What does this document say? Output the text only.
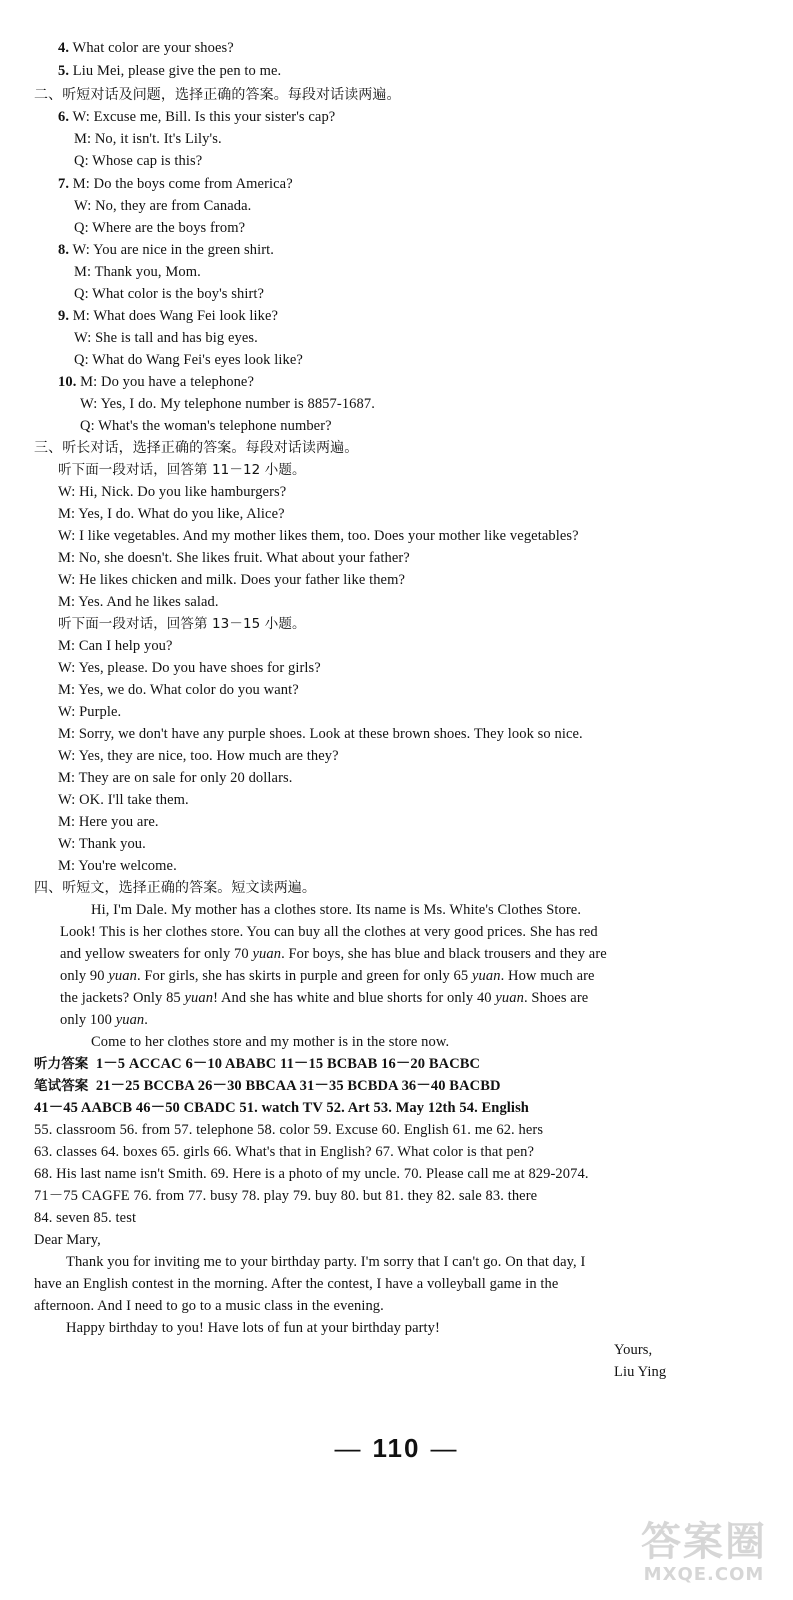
4. What color are your shoes?
5. Liu Mei, please give the pen to me.
二、听短对话及问题，选择正确的答案。每段对话读两遍。
6. W: Excuse me, Bill. Is this your sister's cap?
M: No, it isn't. It's Lily's.
Q: Whose cap is this?
7. M: Do the boys come from America?
W: No, they are from Canada.
Q: Where are the boys from?
8. W: You are nice in the green shirt.
M: Thank you, Mom.
Q: What color is the boy's shirt?
9. M: What does Wang Fei look like?
W: She is tall and has big eyes.
Q: What do Wang Fei's eyes look like?
10. M: Do you have a telephone?
W: Yes, I do. My telephone number is 8857-1687.
Q: What's the woman's telephone number?
三、听长对话，选择正确的答案。每段对话读两遍。
听下面一段对话，回答第 11－12 小题。
W: Hi, Nick. Do you like hamburgers?
M: Yes, I do. What do you like, Alice?
W: I like vegetables. And my mother likes them, too. Does your mother like vegetables?
M: No, she doesn't. She likes fruit. What about your father?
W: He likes chicken and milk. Does your father like them?
M: Yes. And he likes salad.
听下面一段对话，回答第 13－15 小题。
M: Can I help you?
W: Yes, please. Do you have shoes for girls?
M: Yes, we do. What color do you want?
W: Purple.
M: Sorry, we don't have any purple shoes. Look at these brown shoes. They look so nice.
W: Yes, they are nice, too. How much are they?
M: They are on sale for only 20 dollars.
W: OK. I'll take them.
M: Here you are.
W: Thank you.
M: You're welcome.
四、听短文，选择正确的答案。短文读两遍。
Hi, I'm Dale. My mother has a clothes store. Its name is Ms. White's Clothes Store.
Look! This is her clothes store. You can buy all the clothes at very good prices. She has red
and yellow sweaters for only 70 yuan. For boys, she has blue and black trousers and they are
only 90 yuan. For girls, she has skirts in purple and green for only 65 yuan. How much are
the jackets? Only 85 yuan! And she has white and blue shorts for only 40 yuan. Shoes are
only 100 yuan.
Come to her clothes store and my mother is in the store now.
听力答案 1－5 ACCAC 6－10 ABABC 11－15 BCBAB 16－20 BACBC
笔试答案 21－25 BCCBA 26－30 BBCAA 31－35 BCBDA 36－40 BACBD
41－45 AABCB 46－50 CBADC 51. watch TV 52. Art 53. May 12th 54. English
55. classroom 56. from 57. telephone 58. color 59. Excuse 60. English 61. me 62. hers
63. classes 64. boxes 65. girls 66. What's that in English? 67. What color is that pen?
68. His last name isn't Smith. 69. Here is a photo of my uncle. 70. Please call me at 829-2074.
71－75 CAGFE 76. from 77. busy 78. play 79. buy 80. but 81. they 82. sale 83. there
84. seven 85. test
Dear Mary,
Thank you for inviting me to your birthday party. I'm sorry that I can't go. On that day, I
have an English contest in the morning. After the contest, I have a volleyball game in the
afternoon. And I need to go to a music class in the evening.
Happy birthday to you! Have lots of fun at your birthday party!
Yours,
Liu Ying
— 110 —
答案圈
MXQE.COM
